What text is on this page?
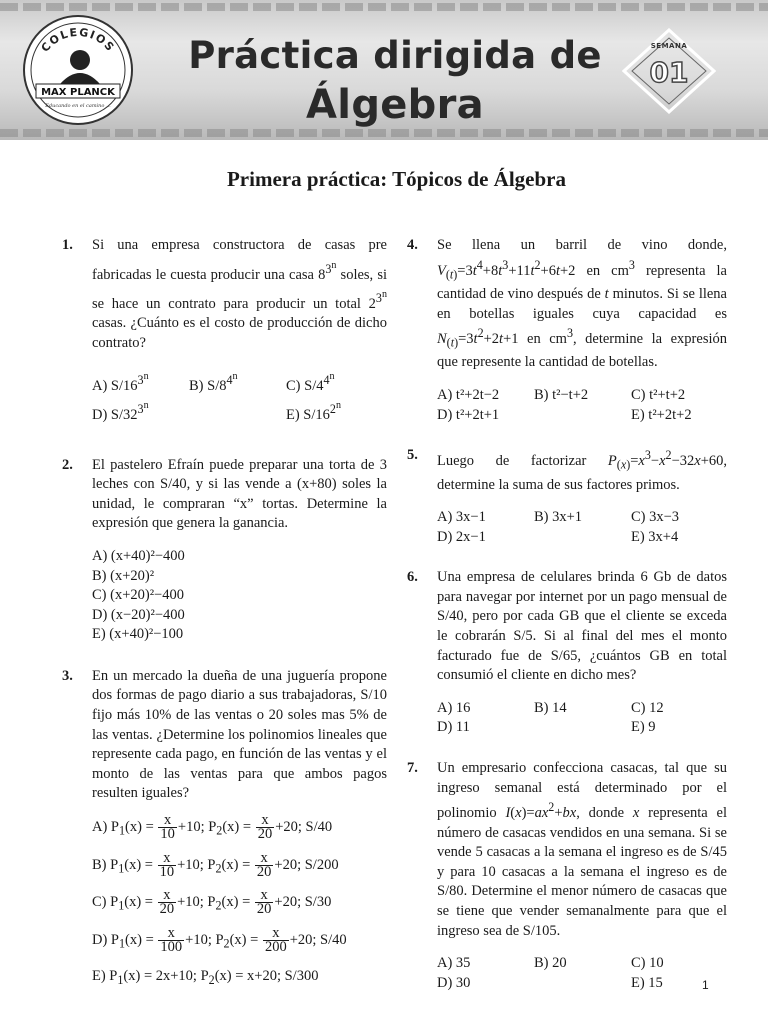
COLEGIOS
MAX PLANCK
Educando en el camino ...
Práctica dirigida de
Álgebra
SEMANA
01
Primera práctica: Tópicos de Álgebra
1. Si una empresa constructora de casas pre fabricadas le cuesta producir una casa $8^{3^n}$ soles, si se hace un contrato para producir un total $2^{3^n}$ casas. ¿Cuánto es el costo de producción de dicho contrato?
A) $S/16^{3^n}$
B) $S/8^{4^n}$
C) $S/4^{4^n}$
D) $S/32^{3^n}$
E) $S/16^{2^n}$
2. El pastelero Efraín puede preparar una torta de 3 leches con S/40, y si las vende a (x+80) soles la unidad, le compraran “x” tortas. Determine la expresión que genera la ganancia.
A) (x+40)²−400
B) (x+20)²
C) (x+20)²−400
D) (x−20)²−400
E) (x+40)²−100
3. En un mercado la dueña de una juguería propone dos formas de pago diario a sus trabajadoras, S/10 fijo más 10% de las ventas o 20 soles mas 5% de las ventas. ¿Determine los polinomios lineales que represente cada pago, en función de las ventas y el monto de las ventas para que ambos pagos resulten iguales?
A) $P_1(x) = \frac{x}{10} +10$; $P_2(x) = \frac{x}{20} +20$; S/40
B) $P_1(x) = \frac{x}{10} +10$; $P_2(x) = \frac{x}{20} +20$; S/200
C) $P_1(x) = \frac{x}{20} +10$; $P_2(x) = \frac{x}{20} +20$; S/30
D) $P_1(x) = \frac{x}{100} +10$; $P_2(x) = \frac{x}{200} +20$; S/40
E) $P_1(x) = 2x+10$; $P_2(x) = x+20$; S/300
4. Se llena un barril de vino donde, $V_{(t)}=3t^4+8t^3+11t^2+6t+2$ en $cm^3$ representa la cantidad de vino después de t minutos. Si se llena en botellas iguales cuya capacidad es $N_{(t)}=3t^2+2t+1$ en $cm^3$, determine la expresión que represente la cantidad de botellas.
A) t²+2t−2	B) t²−t+2	C) t²+t+2
D) t²+2t+1	E) t²+2t+2
5. Luego de factorizar $P_{(x)}=x^3-x^2-32x+60$, determine la suma de sus factores primos.
A) 3x−1	B) 3x+1	C) 3x−3
D) 2x−1	E) 3x+4
6. Una empresa de celulares brinda 6 Gb de datos para navegar por internet por un pago mensual de S/40, pero por cada GB que el cliente se exceda le cobrarán S/5. Si al final del mes el monto facturado fue de S/65, ¿cuántos GB en total consumió el cliente en dicho mes?
A) 16	B) 14	C) 12
D) 11	E) 9
7. Un empresario confecciona casacas, tal que su ingreso semanal está determinado por el polinomio $I(x)=ax^2+bx$, donde x representa el número de casacas vendidos en una semana. Si se vende 5 casacas a la semana el ingreso es de S/45 y para 10 casacas a la semana el ingreso es de S/80. Determine el menor número de casacas que se tiene que vender semanalmente para que el ingreso sea de S/105.
A) 35	B) 20	C) 10
D) 30	E) 15	1
